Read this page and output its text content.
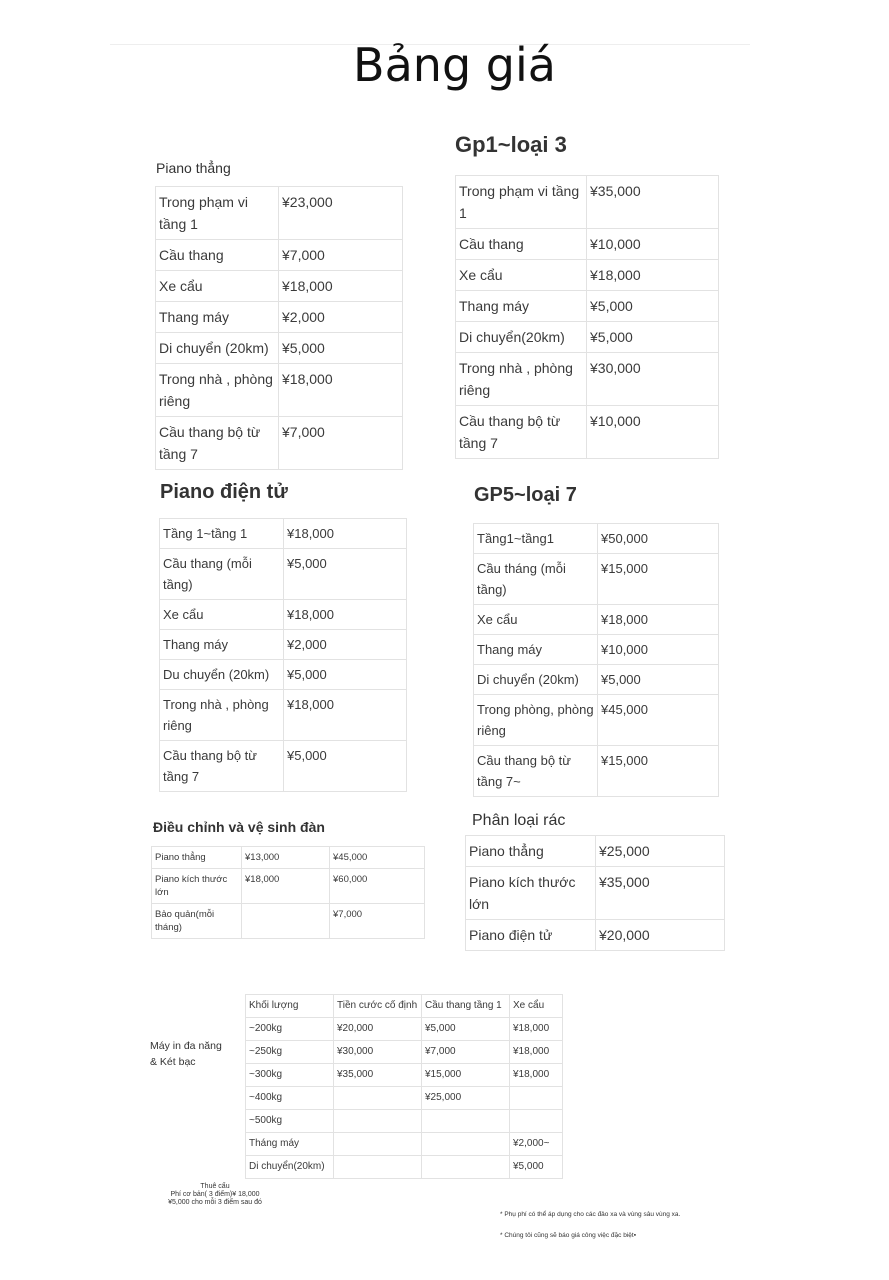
Bảng giá
Piano thẳng
Trong phạm vi tầng 1	¥23,000
Cầu thang	¥7,000
Xe cẩu	¥18,000
Thang máy	¥2,000
Di chuyển (20km)	¥5,000
Trong nhà , phòng riêng	¥18,000
Cầu thang bộ từ tầng 7	¥7,000
Gp1~loại 3
Trong phạm vi tầng 1	¥35,000
Cầu thang	¥10,000
Xe cẩu	¥18,000
Thang máy	¥5,000
Di chuyển(20km)	¥5,000
Trong nhà , phòng riêng	¥30,000
Cầu thang bộ từ tầng 7	¥10,000
Piano điện tử
Tầng 1~tầng 1	¥18,000
Cầu thang (mỗi tầng)	¥5,000
Xe cẩu	¥18,000
Thang máy	¥2,000
Du chuyển (20km)	¥5,000
Trong nhà , phòng riêng	¥18,000
Cầu thang bộ từ tầng 7	¥5,000
GP5~loại 7
Tầng1~tầng1	¥50,000
Cầu tháng (mỗi tầng)	¥15,000
Xe cẩu	¥18,000
Thang máy	¥10,000
Di chuyển (20km)	¥5,000
Trong phòng, phòng riêng	¥45,000
Cầu thang bộ từ tầng 7~	¥15,000
Điều chỉnh và vệ sinh đàn
Piano thẳng	¥13,000	¥45,000
Piano kích thước lớn	¥18,000	¥60,000
Bảo quản(mỗi tháng)		¥7,000
Phân loại rác
Piano thẳng	¥25,000
Piano kích thước lớn	¥35,000
Piano điện tử	¥20,000
Máy in đa năng & Két bạc
Khối lượng	Tiền cước cố định	Cầu thang tầng 1	Xe cẩu
~200kg	¥20,000	¥5,000	¥18,000
~250kg	¥30,000	¥7,000	¥18,000
~300kg	¥35,000	¥15,000	¥18,000
~400kg		¥25,000	
~500kg			
Tháng máy			¥2,000~
Di chuyển(20km)			¥5,000
Thuê cẩu
Phí cơ bản( 3 điểm)¥ 18,000
¥5,000 cho mỗi 3 điểm sau đó
* Phụ phí có thể áp dụng cho các đảo xa và vùng sâu vùng xa.
* Chúng tôi cũng sẽ báo giá công việc đặc biệt▪
